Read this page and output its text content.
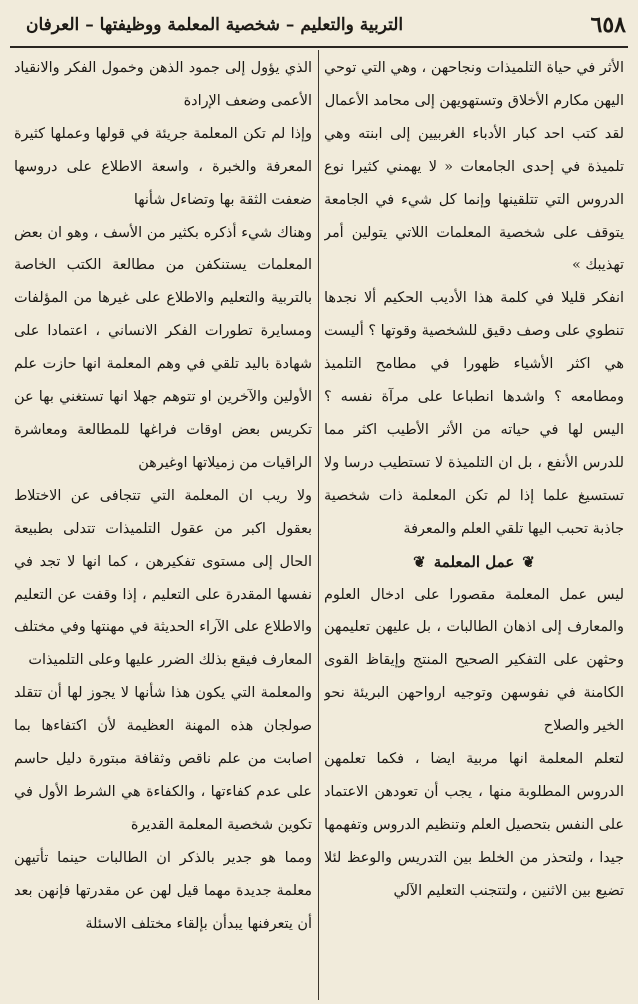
٦٥٨
التربية والتعليم – شخصية المعلمة ووظيفتها – العرفان

الأثر في حياة التلميذات ونجاحهن ، وهي التي توحي اليهن مكارم الأخلاق وتستهويهن إلى محامد الأعمال

لقد كتب احد كبار الأدباء الغربيين إلى ابنته وهي تلميذة في إحدى الجامعات « لا يهمني كثيرا نوع الدروس التي تتلقينها وإنما كل شيء في الجامعة يتوقف على شخصية المعلمات اللاتي يتولين أمر تهذيبك »

انفكر قليلا في كلمة هذا الأديب الحكيم ألا نجدها تنطوي على وصف دقيق للشخصية وقوتها ؟ أليست هي اكثر الأشياء ظهورا في مطامح التلميذ ومطامعه ؟ واشدها انطباعا على مرآة نفسه ؟ اليس لها في حياته من الأثر الأطيب اكثر مما للدرس الأنفع ، بل ان التلميذة لا تستطيب درسا ولا تستسيغ علما إذا لم تكن المعلمة ذات شخصية جاذبة تحبب اليها تلقي العلم والمعرفة

❦
عمل المعلمة
❦

ليس عمل المعلمة مقصورا على ادخال العلوم والمعارف إلى اذهان الطالبات ، بل عليهن تعليمهن وحثهن على التفكير الصحيح المنتج وإيقاظ القوى الكامنة في نفوسهن وتوجيه ارواحهن البريئة نحو الخير والصلاح

لتعلم المعلمة انها مربية ايضا ، فكما تعلمهن الدروس المطلوبة منها ، يجب أن تعودهن الاعتماد على النفس بتحصيل العلم وتنظيم الدروس وتفهمها جيدا ، ولتحذر من الخلط بين التدريس والوعظ لئلا تضيع بين الاثنين ، ولتتجنب التعليم الآلي

الذي يؤول إلى جمود الذهن وخمول الفكر والانقياد الأعمى وضعف الإرادة

وإذا لم تكن المعلمة جريئة في قولها وعملها كثيرة المعرفة والخبرة ، واسعة الاطلاع على دروسها ضعفت الثقة بها وتضاءل شأنها

وهناك شيء أذكره بكثير من الأسف ، وهو ان بعض المعلمات يستنكفن من مطالعة الكتب الخاصة بالتربية والتعليم والاطلاع على غيرها من المؤلفات ومسايرة تطورات الفكر الانساني ، اعتمادا على شهادة باليد تلقي في وهم المعلمة انها حازت علم الأولين والآخرين او تتوهم جهلا انها تستغني بها عن تكريس بعض اوقات فراغها للمطالعة ومعاشرة الراقيات من زميلاتها اوغيرهن

ولا ريب ان المعلمة التي تتجافى عن الاختلاط بعقول اكبر من عقول التلميذات تتدلى بطبيعة الحال إلى مستوى تفكيرهن ، كما انها لا تجد في نفسها المقدرة على التعليم ، إذا وقفت عن التعليم والاطلاع على الآراء الحديثة في مهنتها وفي مختلف المعارف فيقع بذلك الضرر عليها وعلى التلميذات

والمعلمة التي يكون هذا شأنها لا يجوز لها أن تتقلد صولجان هذه المهنة العظيمة لأن اكتفاءها بما اصابت من علم ناقص وثقافة مبتورة دليل حاسم على عدم كفاءتها ، والكفاءة هي الشرط الأول في تكوين شخصية المعلمة القديرة

ومما هو جدير بالذكر ان الطالبات حينما تأتيهن معلمة جديدة مهما قيل لهن عن مقدرتها فإنهن بعد أن يتعرفنها يبدأن بإلقاء مختلف الاسئلة
